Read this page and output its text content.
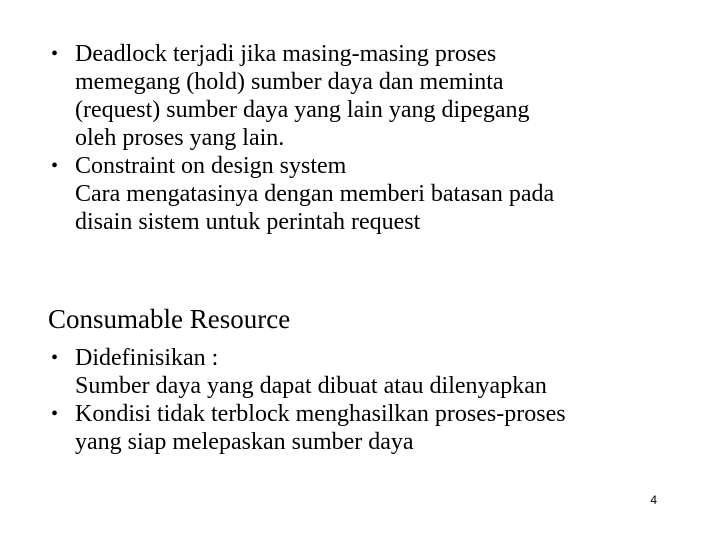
• Deadlock terjadi jika masing-masing proses
memegang (hold) sumber daya dan meminta
(request) sumber daya yang lain yang dipegang
oleh proses yang lain.
• Constraint on design system
Cara mengatasinya dengan memberi batasan pada
disain sistem untuk perintah request
Consumable Resource
• Didefinisikan :
Sumber daya yang dapat dibuat atau dilenyapkan
• Kondisi tidak terblock menghasilkan proses-proses
yang siap melepaskan sumber daya
4
